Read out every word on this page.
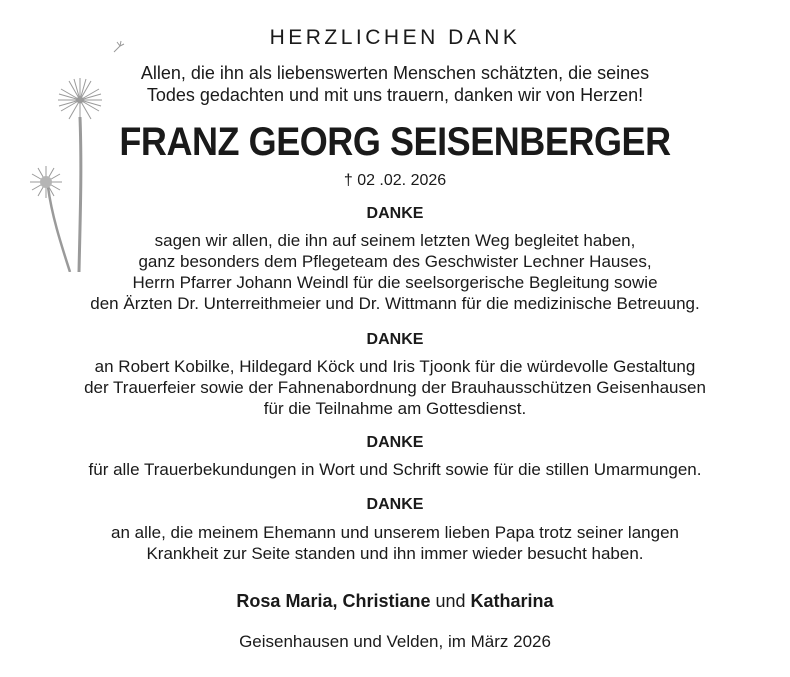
HERZLICHEN DANK
Allen, die ihn als liebenswerten Menschen schätzten, die seines
Todes gedachten und mit uns trauern, danken wir von Herzen!
FRANZ GEORG SEISENBERGER
† 02 .02. 2026
DANKE
sagen wir allen, die ihn auf seinem letzten Weg begleitet haben,
ganz besonders dem Pflegeteam des Geschwister Lechner Hauses,
Herrn Pfarrer Johann Weindl für die seelsorgerische Begleitung sowie
den Ärzten Dr. Unterreithmeier und Dr. Wittmann für die medizinische Betreuung.
DANKE
an Robert Kobilke, Hildegard Köck und Iris Tjoonk für die würdevolle Gestaltung
der Trauerfeier sowie der Fahnenabordnung der Brauhausschützen Geisenhausen
für die Teilnahme am Gottesdienst.
DANKE
für alle Trauerbekundungen in Wort und Schrift sowie für die stillen Umarmungen.
DANKE
an alle, die meinem Ehemann und unserem lieben Papa trotz seiner langen
Krankheit zur Seite standen und ihn immer wieder besucht haben.
Rosa Maria, Christiane und Katharina
Geisenhausen und Velden, im März 2026
